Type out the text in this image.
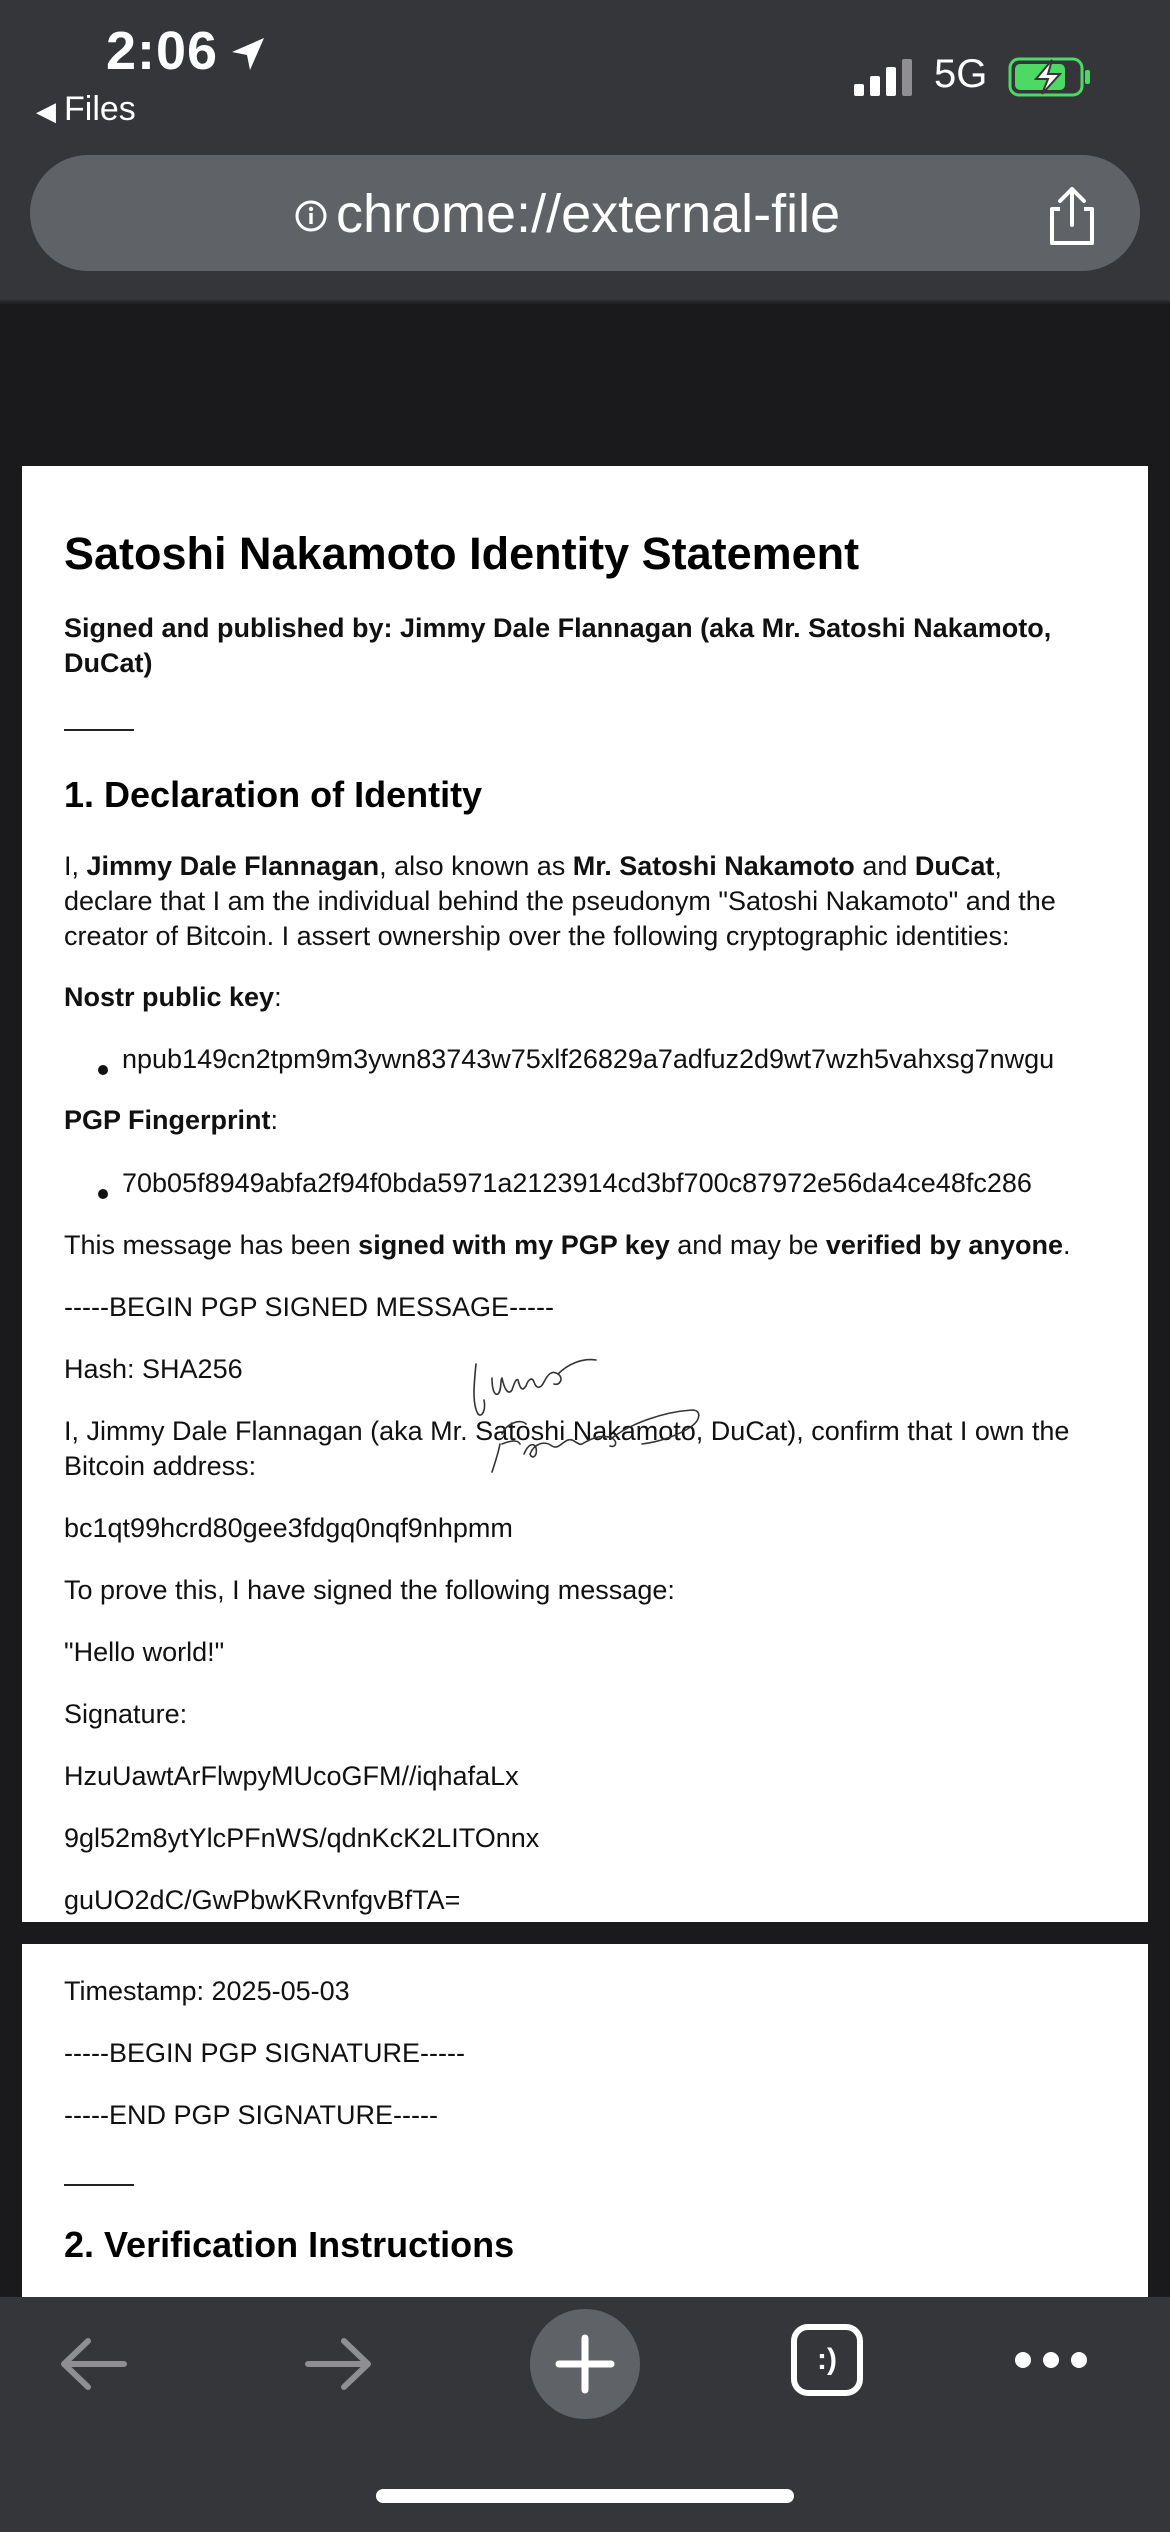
2:06
◀ Files
5G
chrome://external-file
Satoshi Nakamoto Identity Statement
Signed and published by: Jimmy Dale Flannagan (aka Mr. Satoshi Nakamoto,
DuCat)
1. Declaration of Identity
I, Jimmy Dale Flannagan, also known as Mr. Satoshi Nakamoto and DuCat,
declare that I am the individual behind the pseudonym "Satoshi Nakamoto" and the
creator of Bitcoin. I assert ownership over the following cryptographic identities:
Nostr public key:
npub149cn2tpm9m3ywn83743w75xlf26829a7adfuz2d9wt7wzh5vahxsg7nwgu
PGP Fingerprint:
70b05f8949abfa2f94f0bda5971a2123914cd3bf700c87972e56da4ce48fc286
This message has been signed with my PGP key and may be verified by anyone.
-----BEGIN PGP SIGNED MESSAGE-----
Hash: SHA256
I, Jimmy Dale Flannagan (aka Mr. Satoshi Nakamoto, DuCat), confirm that I own the
Bitcoin address:
bc1qt99hcrd80gee3fdgq0nqf9nhpmm
To prove this, I have signed the following message:
"Hello world!"
Signature:
HzuUawtArFlwpyMUcoGFM//iqhafaLx
9gl52m8ytYlcPFnWS/qdnKcK2LITOnnx
guUO2dC/GwPbwKRvnfgvBfTA=
Timestamp: 2025-05-03
-----BEGIN PGP SIGNATURE-----
-----END PGP SIGNATURE-----
2. Verification Instructions
:)
